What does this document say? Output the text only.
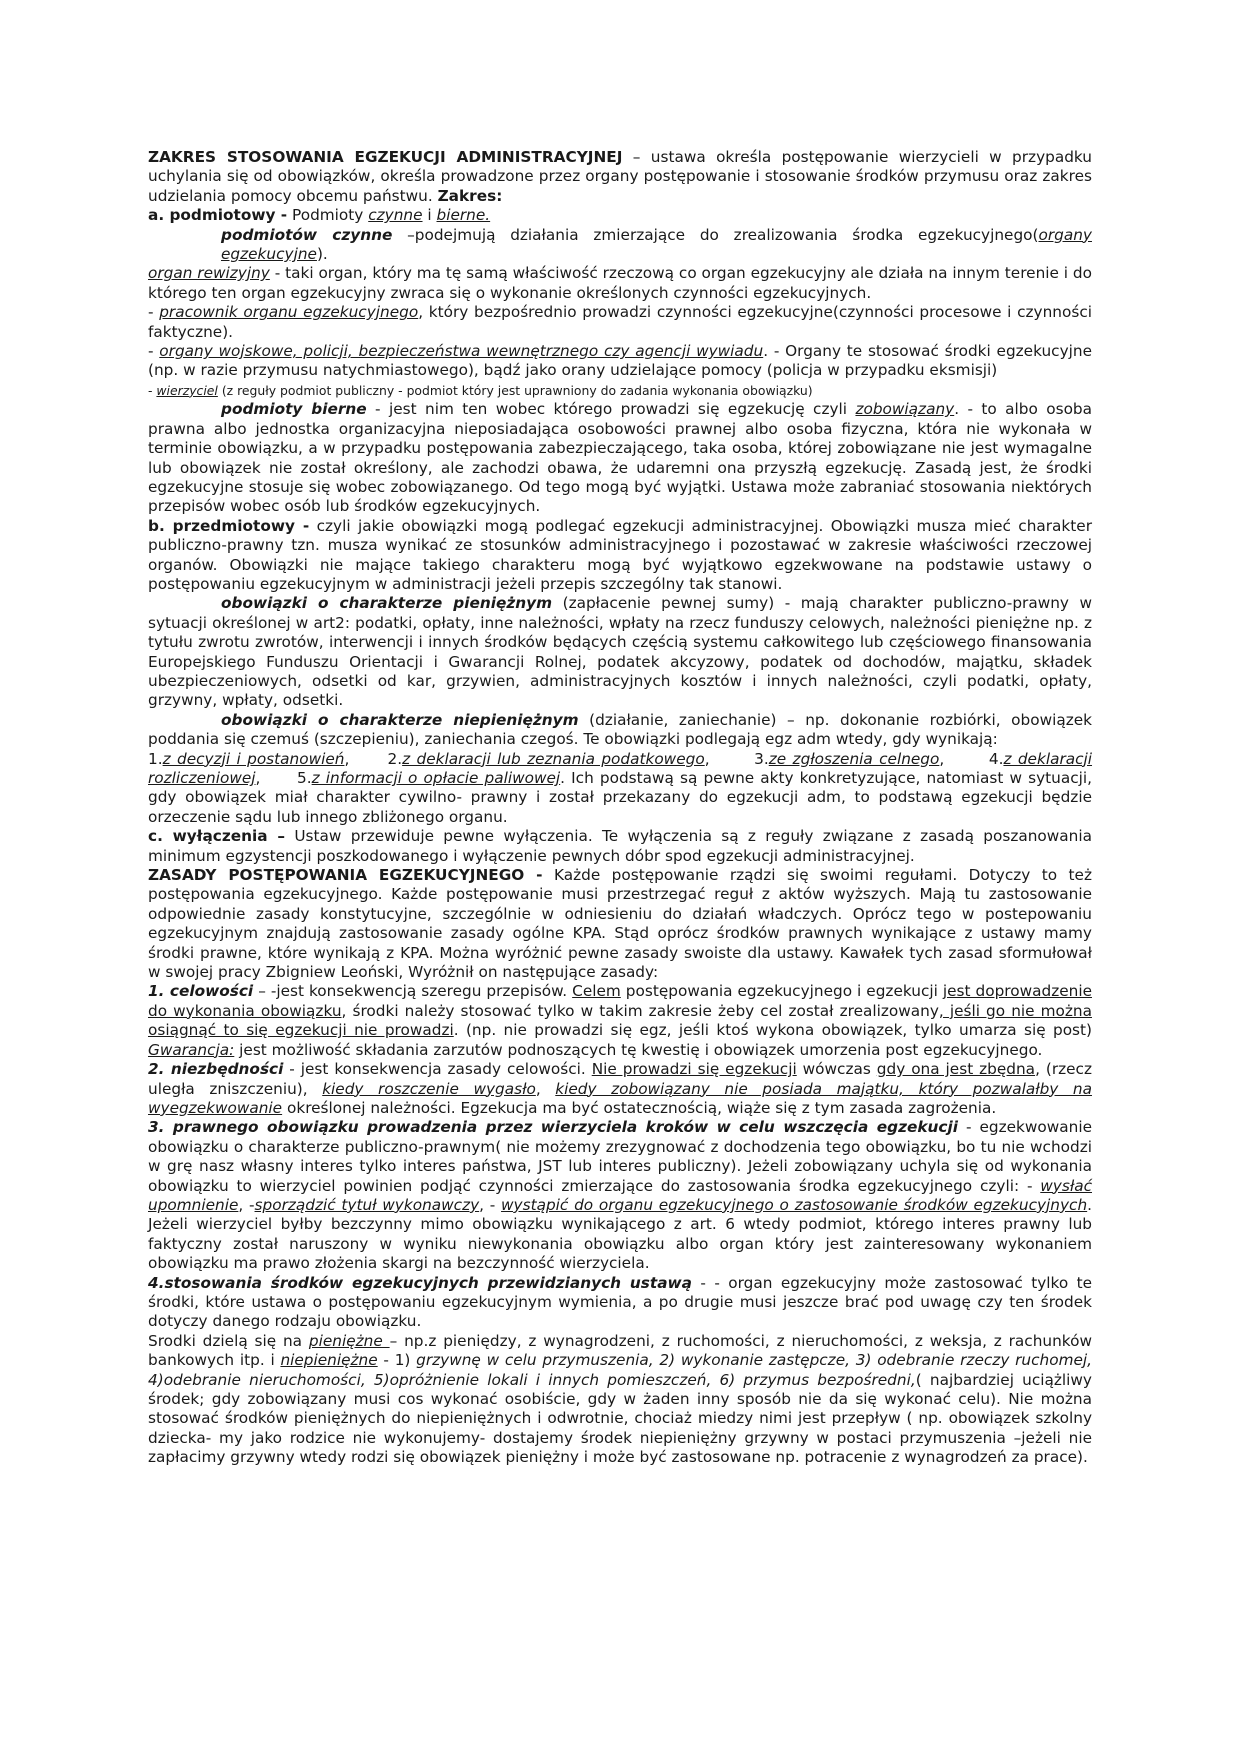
ZAKRES STOSOWANIA EGZEKUCJI ADMINISTRACYJNEJ – ustawa określa postępowanie wierzycieli w przypadku uchylania się od obowiązków, określa prowadzone przez organy postępowanie i stosowanie środków przymusu oraz zakres udzielania pomocy obcemu państwu. Zakres:

a. podmiotowy - Podmioty czynne i bierne.

podmiotów czynne –podejmują działania zmierzające do zrealizowania środka egzekucyjnego(organy egzekucyjne).

organ rewizyjny - taki organ, który ma tę samą właściwość rzeczową co organ egzekucyjny ale działa na innym terenie i do którego ten organ egzekucyjny zwraca się o wykonanie określonych czynności egzekucyjnych.

- pracownik organu egzekucyjnego, który bezpośrednio prowadzi czynności egzekucyjne(czynności procesowe i czynności faktyczne).

- organy wojskowe, policji, bezpieczeństwa wewnętrznego czy agencji wywiadu. - Organy te stosować środki egzekucyjne (np. w razie przymusu natychmiastowego), bądź jako orany udzielające pomocy (policja w przypadku eksmisji)

- wierzyciel (z reguły podmiot publiczny - podmiot który jest uprawniony do zadania wykonania obowiązku)

podmioty bierne - jest nim ten wobec którego prowadzi się egzekucję czyli zobowiązany. - to albo osoba prawna albo jednostka organizacyjna nieposiadająca osobowości prawnej albo osoba fizyczna, która nie wykonała w terminie obowiązku, a w przypadku postępowania zabezpieczającego, taka osoba, której zobowiązane nie jest wymagalne lub obowiązek nie został określony, ale zachodzi obawa, że udaremni ona przyszłą egzekucję. Zasadą jest, że środki egzekucyjne stosuje się wobec zobowiązanego. Od tego mogą być wyjątki. Ustawa może zabraniać stosowania niektórych przepisów wobec osób lub środków egzekucyjnych.

b. przedmiotowy - czyli jakie obowiązki mogą podlegać egzekucji administracyjnej. Obowiązki musza mieć charakter publiczno-prawny tzn. musza wynikać ze stosunków administracyjnego i pozostawać w zakresie właściwości rzeczowej organów. Obowiązki nie mające takiego charakteru mogą być wyjątkowo egzekwowane na podstawie ustawy o postępowaniu egzekucyjnym w administracji jeżeli przepis szczególny tak stanowi.

obowiązki o charakterze pieniężnym (zapłacenie pewnej sumy) - mają charakter publiczno-prawny w sytuacji określonej w art2: podatki, opłaty, inne należności, wpłaty na rzecz funduszy celowych, należności pieniężne np. z tytułu zwrotu zwrotów, interwencji i innych środków będących częścią systemu całkowitego lub częściowego finansowania Europejskiego Funduszu Orientacji i Gwarancji Rolnej, podatek akcyzowy, podatek od dochodów, majątku, składek ubezpieczeniowych, odsetki od kar, grzywien, administracyjnych kosztów i innych należności, czyli podatki, opłaty, grzywny, wpłaty, odsetki.

obowiązki o charakterze niepieniężnym (działanie, zaniechanie) – np. dokonanie rozbiórki, obowiązek poddania się czemuś (szczepieniu), zaniechania czegoś. Te obowiązki podlegają egz adm wtedy, gdy wynikają:

1.z decyzji i postanowień,      2.z deklaracji lub zeznania podatkowego,       3.ze zgłoszenia celnego,       4.z deklaracji rozliczeniowej,      5.z informacji o opłacie paliwowej. Ich podstawą są pewne akty konkretyzujące, natomiast w sytuacji, gdy obowiązek miał charakter cywilno- prawny i został przekazany do egzekucji adm, to podstawą egzekucji będzie orzeczenie sądu lub innego zbliżonego organu.

c. wyłączenia – Ustaw przewiduje pewne wyłączenia. Te wyłączenia są z reguły związane z zasadą poszanowania minimum egzystencji poszkodowanego i wyłączenie pewnych dóbr spod egzekucji administracyjnej.

ZASADY POSTĘPOWANIA EGZEKUCYJNEGO - Każde postępowanie rządzi się swoimi regułami. Dotyczy to też postępowania egzekucyjnego. Każde postępowanie musi przestrzegać reguł z aktów wyższych. Mają tu zastosowanie odpowiednie zasady konstytucyjne, szczególnie w odniesieniu do działań władczych. Oprócz tego w postepowaniu egzekucyjnym znajdują zastosowanie zasady ogólne KPA. Stąd oprócz środków prawnych wynikające z ustawy mamy środki prawne, które wynikają z KPA. Można wyróżnić pewne zasady swoiste dla ustawy. Kawałek tych zasad sformułował w swojej pracy Zbigniew Leoński, Wyróżnił on następujące zasady:

1. celowości – -jest konsekwencją szeregu przepisów. Celem postępowania egzekucyjnego i egzekucji jest doprowadzenie do wykonania obowiązku, środki należy stosować tylko w takim zakresie żeby cel został zrealizowany, jeśli go nie można osiągnąć to się egzekucji nie prowadzi. (np. nie prowadzi się egz, jeśli ktoś wykona obowiązek, tylko umarza się post) Gwarancja: jest możliwość składania zarzutów podnoszących tę kwestię i obowiązek umorzenia post egzekucyjnego.

2. niezbędności - jest konsekwencja zasady celowości. Nie prowadzi się egzekucji wówczas gdy ona jest zbędna, (rzecz uległa zniszczeniu), kiedy roszczenie wygasło, kiedy zobowiązany nie posiada majątku, który pozwalałby na wyegzekwowanie określonej należności. Egzekucja ma być ostatecznością, wiąże się z tym zasada zagrożenia.

3. prawnego obowiązku prowadzenia przez wierzyciela kroków w celu wszczęcia egzekucji - egzekwowanie obowiązku o charakterze publiczno-prawnym( nie możemy zrezygnować z dochodzenia tego obowiązku, bo tu nie wchodzi w grę nasz własny interes tylko interes państwa, JST lub interes publiczny). Jeżeli zobowiązany uchyla się od wykonania obowiązku to wierzyciel powinien podjąć czynności zmierzające do zastosowania środka egzekucyjnego czyli: - wysłać upomnienie, -sporządzić tytuł wykonawczy, - wystąpić do organu egzekucyjnego o zastosowanie środków egzekucyjnych. Jeżeli wierzyciel byłby bezczynny mimo obowiązku wynikającego z art. 6 wtedy podmiot, którego interes prawny lub faktyczny został naruszony w wyniku niewykonania obowiązku albo organ który jest zainteresowany wykonaniem obowiązku ma prawo złożenia skargi na bezczynność wierzyciela.

4.stosowania środków egzekucyjnych przewidzianych ustawą - - organ egzekucyjny może zastosować tylko te środki, które ustawa o postępowaniu egzekucyjnym wymienia, a po drugie musi jeszcze brać pod uwagę czy ten środek dotyczy danego rodzaju obowiązku.

Srodki dzielą się na pieniężne – np.z pieniędzy, z wynagrodzeni, z ruchomości, z nieruchomości, z weksja, z rachunków bankowych itp. i niepieniężne - 1) grzywnę w celu przymuszenia, 2) wykonanie zastępcze, 3) odebranie rzeczy ruchomej, 4)odebranie nieruchomości, 5)opróżnienie lokali i innych pomieszczeń, 6) przymus bezpośredni,( najbardziej uciążliwy środek; gdy zobowiązany musi cos wykonać osobiście, gdy w żaden inny sposób nie da się wykonać celu). Nie można stosować środków pieniężnych do niepieniężnych i odwrotnie, chociaż miedzy nimi jest przepływ ( np. obowiązek szkolny dziecka- my jako rodzice nie wykonujemy- dostajemy środek niepieniężny grzywny w postaci przymuszenia –jeżeli nie zapłacimy grzywny wtedy rodzi się obowiązek pieniężny i może być zastosowane np. potracenie z wynagrodzeń za prace).
